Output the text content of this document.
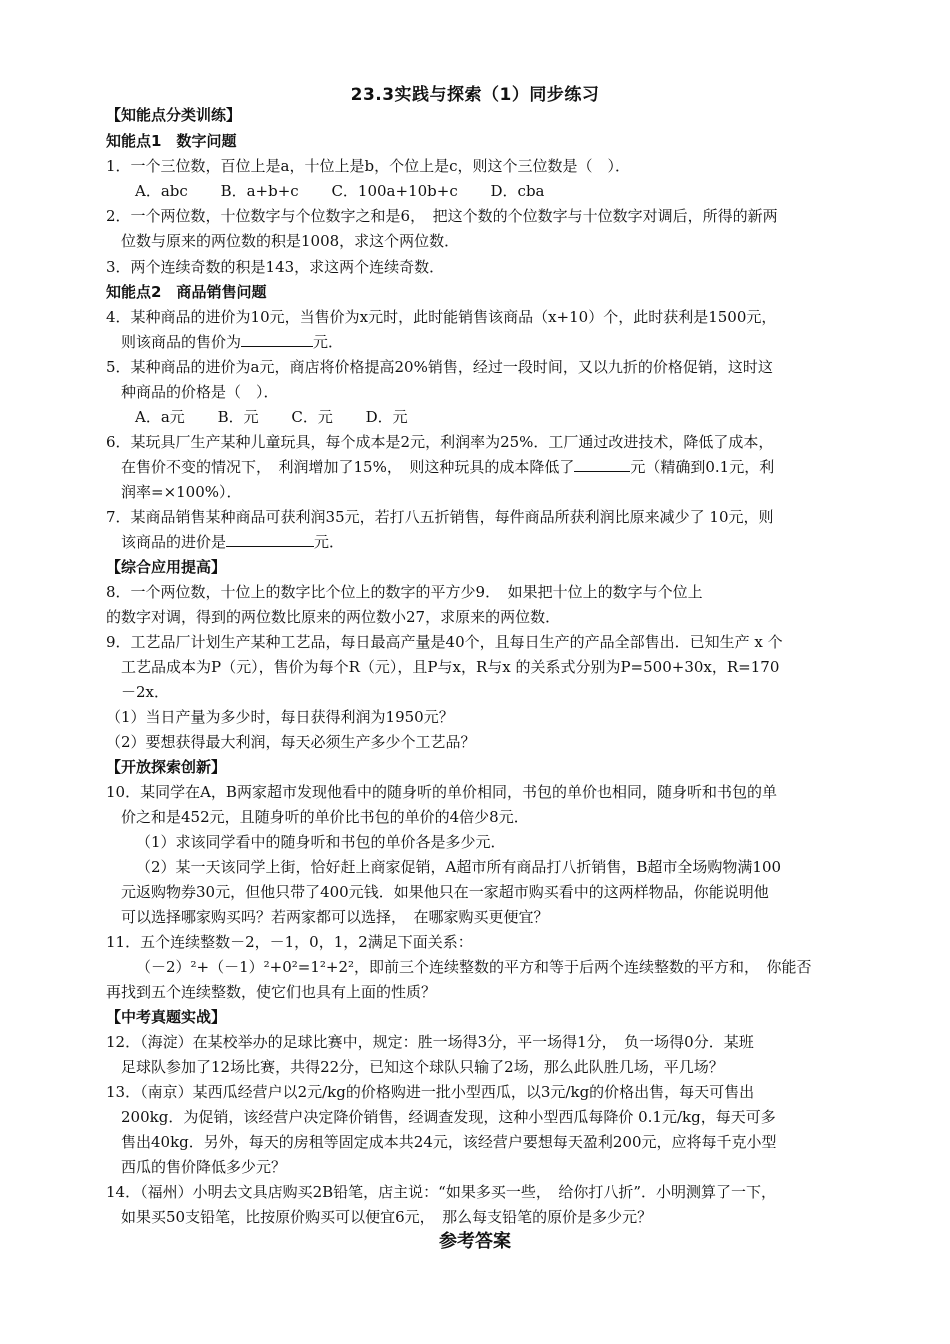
23.3实践与探索（1）同步练习
【知能点分类训练】
知能点1　数字问题
1．一个三位数，百位上是a，十位上是b，个位上是c，则这个三位数是（　）．
A．abc B．a+b+c C．100a+10b+c D．cba
2．一个两位数，十位数字与个位数字之和是6，　把这个数的个位数字与十位数字对调后，所得的新两
位数与原来的两位数的积是1008，求这个两位数．
3．两个连续奇数的积是143，求这两个连续奇数．
知能点2　商品销售问题
4．某种商品的进价为10元，当售价为x元时，此时能销售该商品（x+10）个，此时获利是1500元，
则该商品的售价为	元．
5．某种商品的进价为a元，商店将价格提高20%销售，经过一段时间，又以九折的价格促销，这时这
种商品的价格是（　）．
A．a元 B．元 C．元 D．元
6．某玩具厂生产某种儿童玩具，每个成本是2元，利润率为25%．工厂通过改进技术，降低了成本，
在售价不变的情况下，　利润增加了15%，　则这种玩具的成本降低了	元（精确到0.1元，利
润率=×100%）．
7．某商品销售某种商品可获利润35元，若打八五折销售，每件商品所获利润比原来减少了 10元，则
该商品的进价是	元．
【综合应用提高】
8．一个两位数，十位上的数字比个位上的数字的平方少9．　如果把十位上的数字与个位上
的数字对调，得到的两位数比原来的两位数小27，求原来的两位数．
9．工艺品厂计划生产某种工艺品，每日最高产量是40个，且每日生产的产品全部售出．已知生产 x 个
工艺品成本为P（元），售价为每个R（元），且P与x，R与x 的关系式分别为P=500+30x，R=170
－2x．
（1）当日产量为多少时，每日获得利润为1950元？
（2）要想获得最大利润，每天必须生产多少个工艺品？
【开放探索创新】
10．某同学在A，B两家超市发现他看中的随身听的单价相同，书包的单价也相同，随身听和书包的单
价之和是452元，且随身听的单价比书包的单价的4倍少8元．
（1）求该同学看中的随身听和书包的单价各是多少元．
（2）某一天该同学上街，恰好赶上商家促销，A超市所有商品打八折销售，B超市全场购物满100
元返购物券30元，但他只带了400元钱．如果他只在一家超市购买看中的这两样物品，你能说明他
可以选择哪家购买吗？若两家都可以选择，　在哪家购买更便宜？
11．五个连续整数－2，－1，0，1，2满足下面关系：
（－2）²+（－1）²+0²=1²+2²，即前三个连续整数的平方和等于后两个连续整数的平方和，　你能否
再找到五个连续整数，使它们也具有上面的性质？
【中考真题实战】
12．（海淀）在某校举办的足球比赛中，规定：胜一场得3分，平一场得1分，　负一场得0分．某班
足球队参加了12场比赛，共得22分，已知这个球队只输了2场，那么此队胜几场，平几场？
13．（南京）某西瓜经营户以2元/kg的价格购进一批小型西瓜，以3元/kg的价格出售，每天可售出
200kg．为促销，该经营户决定降价销售，经调查发现，这种小型西瓜每降价 0.1元/kg，每天可多
售出40kg．另外，每天的房租等固定成本共24元，该经营户要想每天盈利200元，应将每千克小型
西瓜的售价降低多少元？
14．（福州）小明去文具店购买2B铅笔，店主说：“如果多买一些，　给你打八折”．小明测算了一下，
如果买50支铅笔，比按原价购买可以便宜6元，　那么每支铅笔的原价是多少元？
参考答案
